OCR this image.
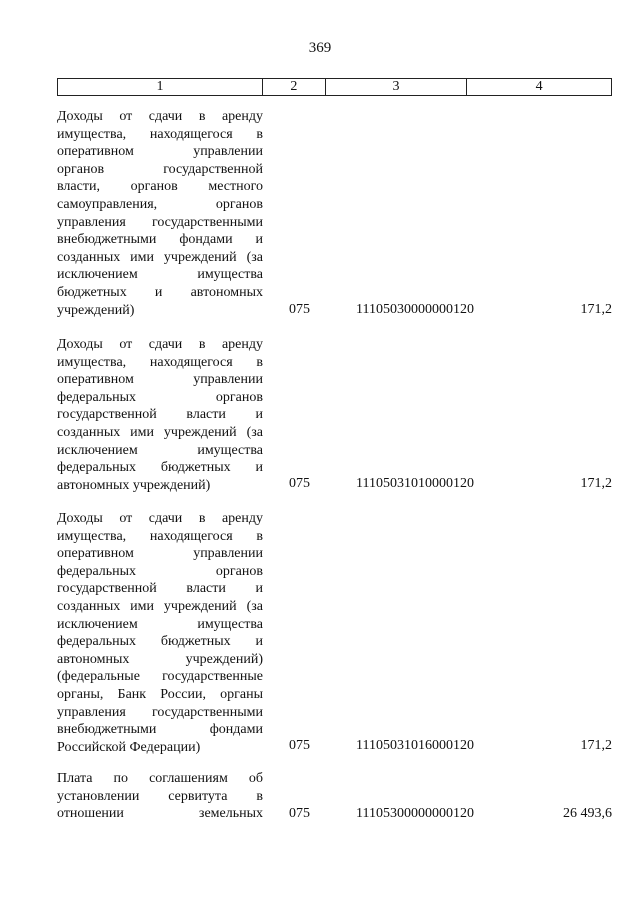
369
1	2	3	4
Доходы от сдачи в аренду
имущества, находящегося в
оперативном управлении
органов государственной
власти, органов местного
самоуправления, органов
управления государственными
внебюджетными фондами и
созданных ими учреждений (за
исключением имущества
бюджетных и автономных
учреждений)	075	11105030000000120	171,2
Доходы от сдачи в аренду
имущества, находящегося в
оперативном управлении
федеральных органов
государственной власти и
созданных ими учреждений (за
исключением имущества
федеральных бюджетных и
автономных учреждений)	075	11105031010000120	171,2
Доходы от сдачи в аренду
имущества, находящегося в
оперативном управлении
федеральных органов
государственной власти и
созданных ими учреждений (за
исключением имущества
федеральных бюджетных и
автономных учреждений)
(федеральные государственные
органы, Банк России, органы
управления государственными
внебюджетными фондами
Российской Федерации)	075	11105031016000120	171,2
Плата по соглашениям об
установлении сервитута в
отношении земельных	075	11105300000000120	26 493,6
